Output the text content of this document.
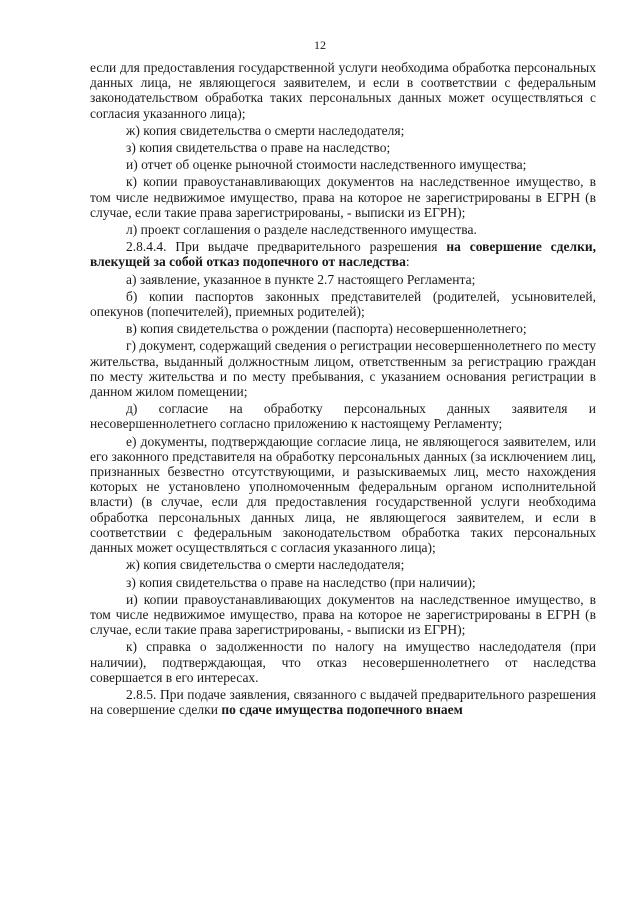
12

если для предоставления государственной услуги необходима обработка персональных данных лица, не являющегося заявителем, и если в соответствии с федеральным законодательством обработка таких персональных данных может осуществляться с согласия указанного лица);

ж) копия свидетельства о смерти наследодателя;

з) копия свидетельства о праве на наследство;

и) отчет об оценке рыночной стоимости наследственного имущества;

к) копии правоустанавливающих документов на наследственное имущество, в том числе недвижимое имущество, права на которое не зарегистрированы в ЕГРН (в случае, если такие права зарегистрированы, - выписки из ЕГРН);

л) проект соглашения о разделе наследственного имущества.

2.8.4.4. При выдаче предварительного разрешения на совершение сделки, влекущей за собой отказ подопечного от наследства:

а) заявление, указанное в пункте 2.7 настоящего Регламента;

б) копии паспортов законных представителей (родителей, усыновителей, опекунов (попечителей), приемных родителей);

в) копия свидетельства о рождении (паспорта) несовершеннолетнего;

г) документ, содержащий сведения о регистрации несовершеннолетнего по месту жительства, выданный должностным лицом, ответственным за регистрацию граждан по месту жительства и по месту пребывания, с указанием основания регистрации в данном жилом помещении;

д) согласие на обработку персональных данных заявителя и несовершеннолетнего согласно приложению к настоящему Регламенту;

е) документы, подтверждающие согласие лица, не являющегося заявителем, или его законного представителя на обработку персональных данных (за исключением лиц, признанных безвестно отсутствующими, и разыскиваемых лиц, место нахождения которых не установлено уполномоченным федеральным органом исполнительной власти) (в случае, если для предоставления государственной услуги необходима обработка персональных данных лица, не являющегося заявителем, и если в соответствии с федеральным законодательством обработка таких персональных данных может осуществляться с согласия указанного лица);

ж) копия свидетельства о смерти наследодателя;

з) копия свидетельства о праве на наследство (при наличии);

и) копии правоустанавливающих документов на наследственное имущество, в том числе недвижимое имущество, права на которое не зарегистрированы в ЕГРН (в случае, если такие права зарегистрированы, - выписки из ЕГРН);

к) справка о задолженности по налогу на имущество наследодателя (при наличии), подтверждающая, что отказ несовершеннолетнего от наследства совершается в его интересах.

2.8.5. При подаче заявления, связанного с выдачей предварительного разрешения на совершение сделки по сдаче имущества подопечного внаем
